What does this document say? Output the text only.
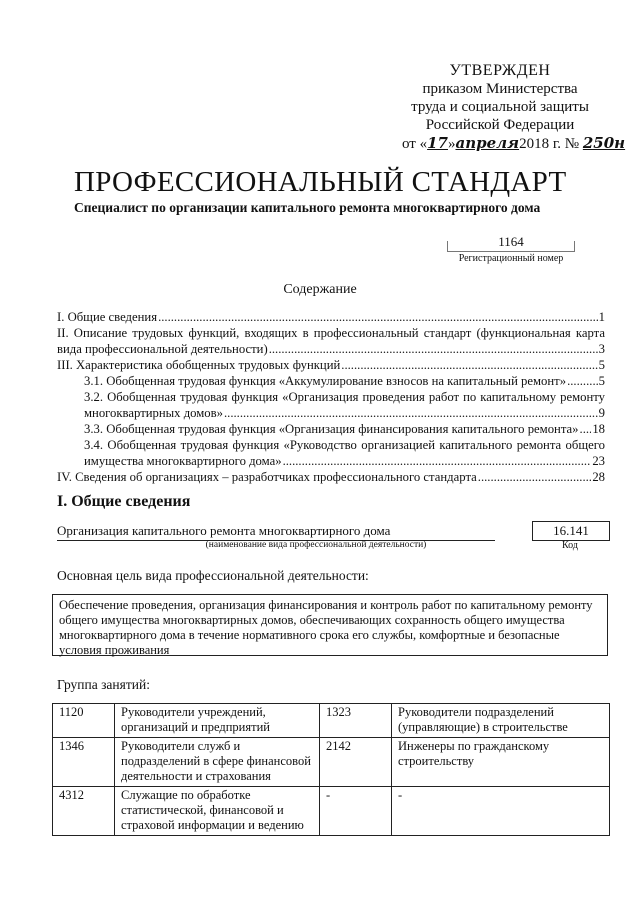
УТВЕРЖДЕН
приказом Министерства
труда и социальной защиты
Российской Федерации
от «17»апреля2018 г. № 250н
ПРОФЕССИОНАЛЬНЫЙ СТАНДАРТ
Специалист по организации капитального ремонта многоквартирного дома
1164
Регистрационный номер
Содержание
I. Общие сведения .....	1
II. Описание трудовых функций, входящих в профессиональный стандарт (функциональная карта
вида профессиональной деятельности) .....	3
III. Характеристика обобщенных трудовых функций .....	5
3.1. Обобщенная трудовая функция «Аккумулирование взносов на капитальный ремонт» .....	5
3.2. Обобщенная трудовая функция «Организация проведения работ по капитальному ремонту
многоквартирных домов» .....	9
3.3. Обобщенная трудовая функция «Организация финансирования капитального ремонта» ..... 18
3.4. Обобщенная трудовая функция «Руководство организацией капитального ремонта общего
имущества многоквартирного дома» .....	23
IV. Сведения об организациях – разработчиках профессионального стандарта .....	28
I. Общие сведения
Организация капитального ремонта многоквартирного дома
(наименование вида профессиональной деятельности)
16.141
Код
Основная цель вида профессиональной деятельности:
Обеспечение проведения, организация финансирования и контроль работ по капитальному ремонту общего имущества многоквартирных домов, обеспечивающих сохранность общего имущества многоквартирного дома в течение нормативного срока его службы, комфортные и безопасные условия проживания
Группа занятий:
1120	Руководители учреждений, организаций и предприятий	1323	Руководители подразделений (управляющие) в строительстве
1346	Руководители служб и подразделений в сфере финансовой деятельности и страхования	2142	Инженеры по гражданскому строительству
4312	Служащие по обработке статистической, финансовой и страховой информации и ведению	-	-
